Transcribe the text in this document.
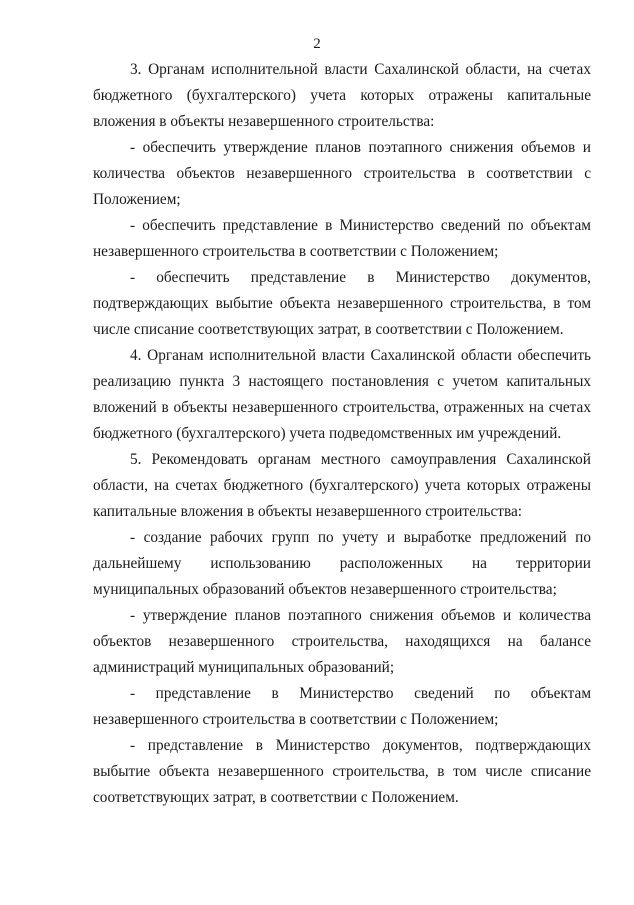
2

3. Органам исполнительной власти Сахалинской области, на счетах бюджетного (бухгалтерского) учета которых отражены капитальные вложения в объекты незавершенного строительства:

- обеспечить утверждение планов поэтапного снижения объемов и количества объектов незавершенного строительства в соответствии с Положением;

- обеспечить представление в Министерство сведений по объектам незавершенного строительства в соответствии с Положением;

- обеспечить представление в Министерство документов, подтверждающих выбытие объекта незавершенного строительства, в том числе списание соответствующих затрат, в соответствии с Положением.

4. Органам исполнительной власти Сахалинской области обеспечить реализацию пункта 3 настоящего постановления с учетом капитальных вложений в объекты незавершенного строительства, отраженных на счетах бюджетного (бухгалтерского) учета подведомственных им учреждений.

5. Рекомендовать органам местного самоуправления Сахалинской области, на счетах бюджетного (бухгалтерского) учета которых отражены капитальные вложения в объекты незавершенного строительства:

- создание рабочих групп по учету и выработке предложений по дальнейшему использованию расположенных на территории муниципальных образований объектов незавершенного строительства;

- утверждение планов поэтапного снижения объемов и количества объектов незавершенного строительства, находящихся на балансе администраций муниципальных образований;

- представление в Министерство сведений по объектам незавершенного строительства в соответствии с Положением;

- представление в Министерство документов, подтверждающих выбытие объекта незавершенного строительства, в том числе списание соответствующих затрат, в соответствии с Положением.
